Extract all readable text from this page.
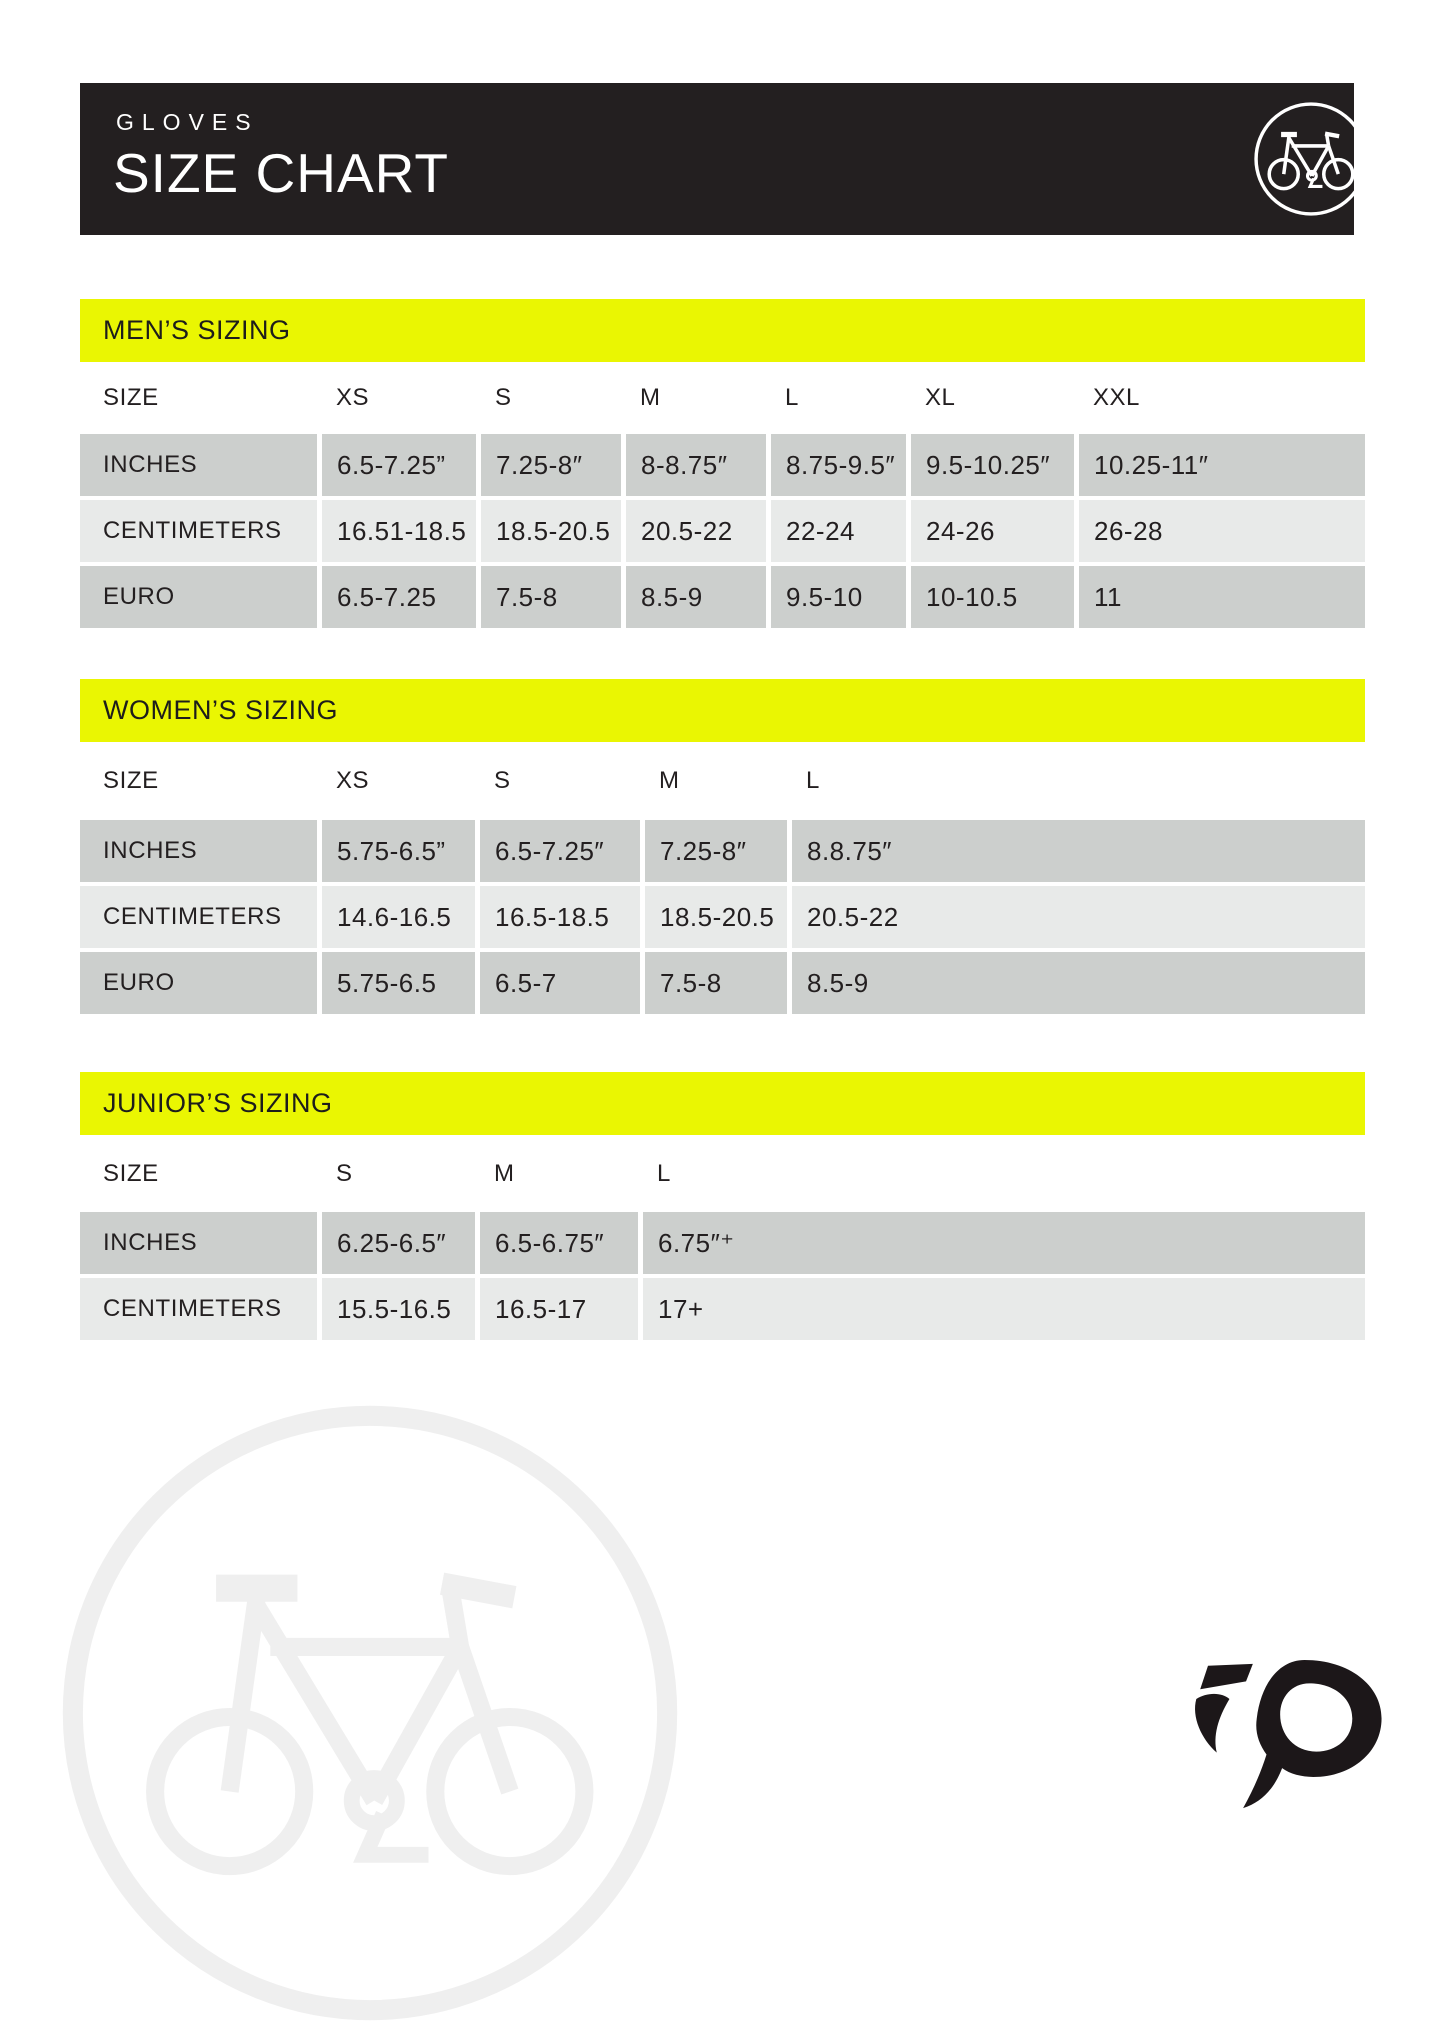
GLOVES
SIZE CHART
MEN’S SIZING
SIZE	XS	S	M	L	XL	XXL
INCHES	6.5-7.25”	7.25-8″	8-8.75″	8.75-9.5″	9.5-10.25″	10.25-11″
CENTIMETERS	16.51-18.5	18.5-20.5	20.5-22	22-24	24-26	26-28
EURO	6.5-7.25	7.5-8	8.5-9	9.5-10	10-10.5	11
WOMEN’S SIZING
SIZE	XS	S	M	L
INCHES	5.75-6.5”	6.5-7.25″	7.25-8″	8.8.75″
CENTIMETERS	14.6-16.5	16.5-18.5	18.5-20.5	20.5-22
EURO	5.75-6.5	6.5-7	7.5-8	8.5-9
JUNIOR’S SIZING
SIZE	S	M	L
INCHES	6.25-6.5″	6.5-6.75″	6.75″⁺
CENTIMETERS	15.5-16.5	16.5-17	17+
